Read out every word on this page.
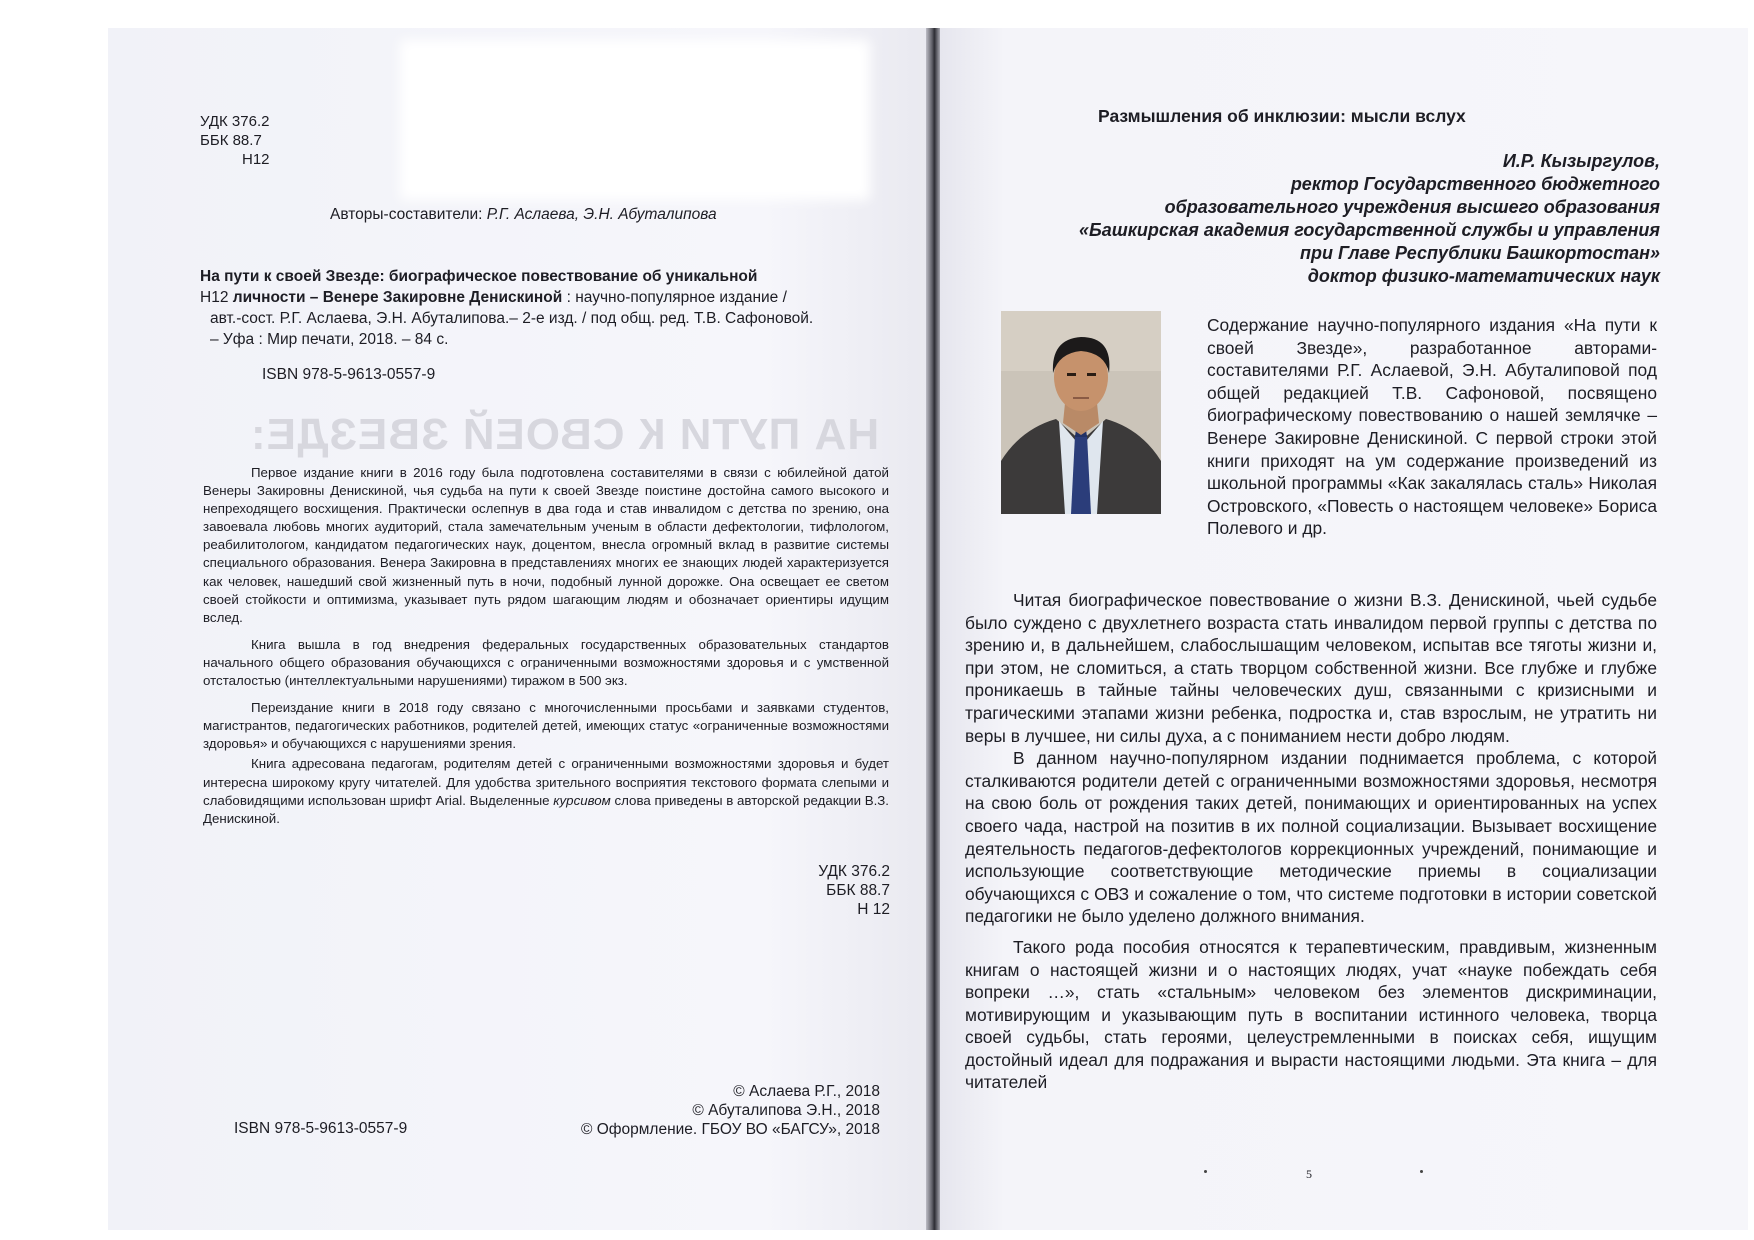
УДК 376.2
ББК 88.7
Н12
Авторы-составители: Р.Г. Аслаева, Э.Н. Абуталипова
На пути к своей Звезде: биографическое повествование об уникальной
Н12 личности – Венере Закировне Денискиной : научно-популярное издание /
авт.-сост. Р.Г. Аслаева, Э.Н. Абуталипова.– 2-е изд. / под общ. ред. Т.В. Сафоновой.
– Уфа : Мир печати, 2018. – 84 с.
ISBN 978-5-9613-0557-9
НА ПУТИ К СВОЕЙ ЗВЕЗДЕ:

Первое издание книги в 2016 году была подготовлена составителями в связи с юбилейной датой Венеры Закировны Денискиной, чья судьба на пути к своей Звезде поистине достойна самого высокого и непреходящего восхищения. Практически ослепнув в два года и став инвалидом с детства по зрению, она завоевала любовь многих аудиторий, стала замечательным ученым в области дефектологии, тифлологом, реабилитологом, кандидатом педагогических наук, доцентом, внесла огромный вклад в развитие системы специального образования. Венера Закировна в представлениях многих ее знающих людей характеризуется как человек, нашедший свой жизненный путь в ночи, подобный лунной дорожке. Она освещает ее светом своей стойкости и оптимизма, указывает путь рядом шагающим людям и обозначает ориентиры идущим вслед.

Книга вышла в год внедрения федеральных государственных образовательных стандартов начального общего образования обучающихся с ограниченными возможностями здоровья и с умственной отсталостью (интеллектуальными нарушениями) тиражом в 500 экз.

Переиздание книги в 2018 году связано с многочисленными просьбами и заявками студентов, магистрантов, педагогических работников, родителей детей, имеющих статус «ограниченные возможностями здоровья» и обучающихся с нарушениями зрения.

Книга адресована педагогам, родителям детей с ограниченными возможностями здоровья и будет интересна широкому кругу читателей. Для удобства зрительного восприятия текстового формата слепыми и слабовидящими использован шрифт Arial. Выделенные курсивом слова приведены в авторской редакции В.З. Денискиной.

УДК 376.2
ББК 88.7
Н 12
© Аслаева Р.Г., 2018
© Абуталипова Э.Н., 2018
© Оформление. ГБОУ ВО «БАГСУ», 2018
ISBN 978-5-9613-0557-9
Размышления об инклюзии: мысли вслух
И.Р. Кызыргулов,
ректор Государственного бюджетного
образовательного учреждения высшего образования
«Башкирская академия государственной службы и управления
при Главе Республики Башкортостан»
доктор физико-математических наук

Содержание научно-популярного издания «На пути к своей Звезде», разработанное авторами-составителями Р.Г. Аслаевой, Э.Н. Абуталиповой под общей редакцией Т.В. Сафоновой, посвящено биографическому повествованию о нашей землячке – Венере Закировне Денискиной. С первой строки этой книги приходят на ум содержание произведений из школьной программы «Как закалялась сталь» Николая Островского, «Повесть о настоящем человеке» Бориса Полевого и др.

Читая биографическое повествование о жизни В.З. Денискиной, чьей судьбе было суждено с двухлетнего возраста стать инвалидом первой группы с детства по зрению и, в дальнейшем, слабослышащим человеком, испытав все тяготы жизни и, при этом, не сломиться, а стать творцом собственной жизни. Все глубже и глубже проникаешь в тайные тайны человеческих душ, связанными с кризисными и трагическими этапами жизни ребенка, подростка и, став взрослым, не утратить ни веры в лучшее, ни силы духа, а с пониманием нести добро людям.

В данном научно-популярном издании поднимается проблема, с которой сталкиваются родители детей с ограниченными возможностями здоровья, несмотря на свою боль от рождения таких детей, понимающих и ориентированных на успех своего чада, настрой на позитив в их полной социализации. Вызывает восхищение деятельность педагогов-дефектологов коррекционных учреждений, понимающие и использующие соответствующие методические приемы в социализации обучающихся с ОВЗ и сожаление о том, что системе подготовки в истории советской педагогики не было уделено должного внимания.

Такого рода пособия относятся к терапевтическим, правдивым, жизненным книгам о настоящей жизни и о настоящих людях, учат «науке побеждать себя вопреки …», стать «стальным» человеком без элементов дискриминации, мотивирующим и указывающим путь в воспитании истинного человека, творца своей судьбы, стать героями, целеустремленными в поисках себя, ищущим достойный идеал для подражания и вырасти настоящими людьми. Эта книга – для читателей

5
